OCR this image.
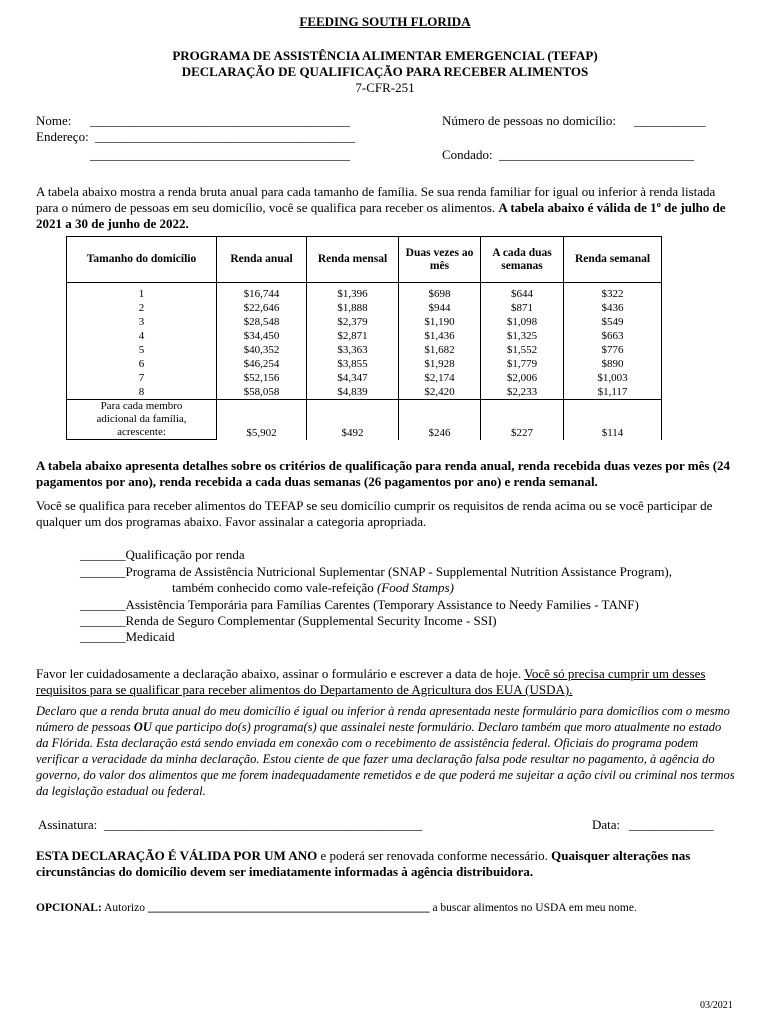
FEEDING SOUTH FLORIDA
PROGRAMA DE ASSISTÊNCIA ALIMENTAR EMERGENCIAL (TEFAP)
DECLARAÇÃO DE QUALIFICAÇÃO PARA RECEBER ALIMENTOS
7-CFR-251
Nome: ________________________________________
Endereço: ________________________________________
________________________________________
Número de pessoas no domicílio: ___________
Condado: ______________________________
A tabela abaixo mostra a renda bruta anual para cada tamanho de família. Se sua renda familiar for igual ou inferior à renda listada para o número de pessoas em seu domicílio, você se qualifica para receber os alimentos. A tabela abaixo é válida de 1º de julho de 2021 a 30 de junho de 2022.
Tamanho do domicílio	Renda anual	Renda mensal	Duas vezes ao mês	A cada duas semanas	Renda semanal
1	$16,744	$1,396	$698	$644	$322
2	$22,646	$1,888	$944	$871	$436
3	$28,548	$2,379	$1,190	$1,098	$549
4	$34,450	$2,871	$1,436	$1,325	$663
5	$40,352	$3,363	$1,682	$1,552	$776
6	$46,254	$3,855	$1,928	$1,779	$890
7	$52,156	$4,347	$2,174	$2,006	$1,003
8	$58,058	$4,839	$2,420	$2,233	$1,117
Para cada membro adicional da família, acrescente:	$5,902	$492	$246	$227	$114
A tabela abaixo apresenta detalhes sobre os critérios de qualificação para renda anual, renda recebida duas vezes por mês (24 pagamentos por ano), renda recebida a cada duas semanas (26 pagamentos por ano) e renda semanal.
Você se qualifica para receber alimentos do TEFAP se seu domicílio cumprir os requisitos de renda acima ou se você participar de qualquer um dos programas abaixo. Favor assinalar a categoria apropriada.
_______Qualificação por renda
_______Programa de Assistência Nutricional Suplementar (SNAP - Supplemental Nutrition Assistance Program),
também conhecido como vale-refeição (Food Stamps)
_______Assistência Temporária para Famílias Carentes (Temporary Assistance to Needy Families - TANF)
_______Renda de Seguro Complementar (Supplemental Security Income - SSI)
_______Medicaid
Favor ler cuidadosamente a declaração abaixo, assinar o formulário e escrever a data de hoje. Você só precisa cumprir um desses requisitos para se qualificar para receber alimentos do Departamento de Agricultura dos EUA (USDA).
Declaro que a renda bruta anual do meu domicílio é igual ou inferior à renda apresentada neste formulário para domicílios com o mesmo número de pessoas OU que participo do(s) programa(s) que assinalei neste formulário. Declaro também que moro atualmente no estado da Flórida. Esta declaração está sendo enviada em conexão com o recebimento de assistência federal. Oficiais do programa podem verificar a veracidade da minha declaração. Estou ciente de que fazer uma declaração falsa pode resultar no pagamento, à agência do governo, do valor dos alimentos que me forem inadequadamente remetidos e de que poderá me sujeitar a ação civil ou criminal nos termos da legislação estadual ou federal.
Assinatura: _________________________________________________	Data: _____________
ESTA DECLARAÇÃO É VÁLIDA POR UM ANO e poderá ser renovada conforme necessário. Quaisquer alterações nas circunstâncias do domicílio devem ser imediatamente informadas à agência distribuidora.
OPCIONAL: Autorizo _________________________________________________ a buscar alimentos no USDA em meu nome.
03/2021
